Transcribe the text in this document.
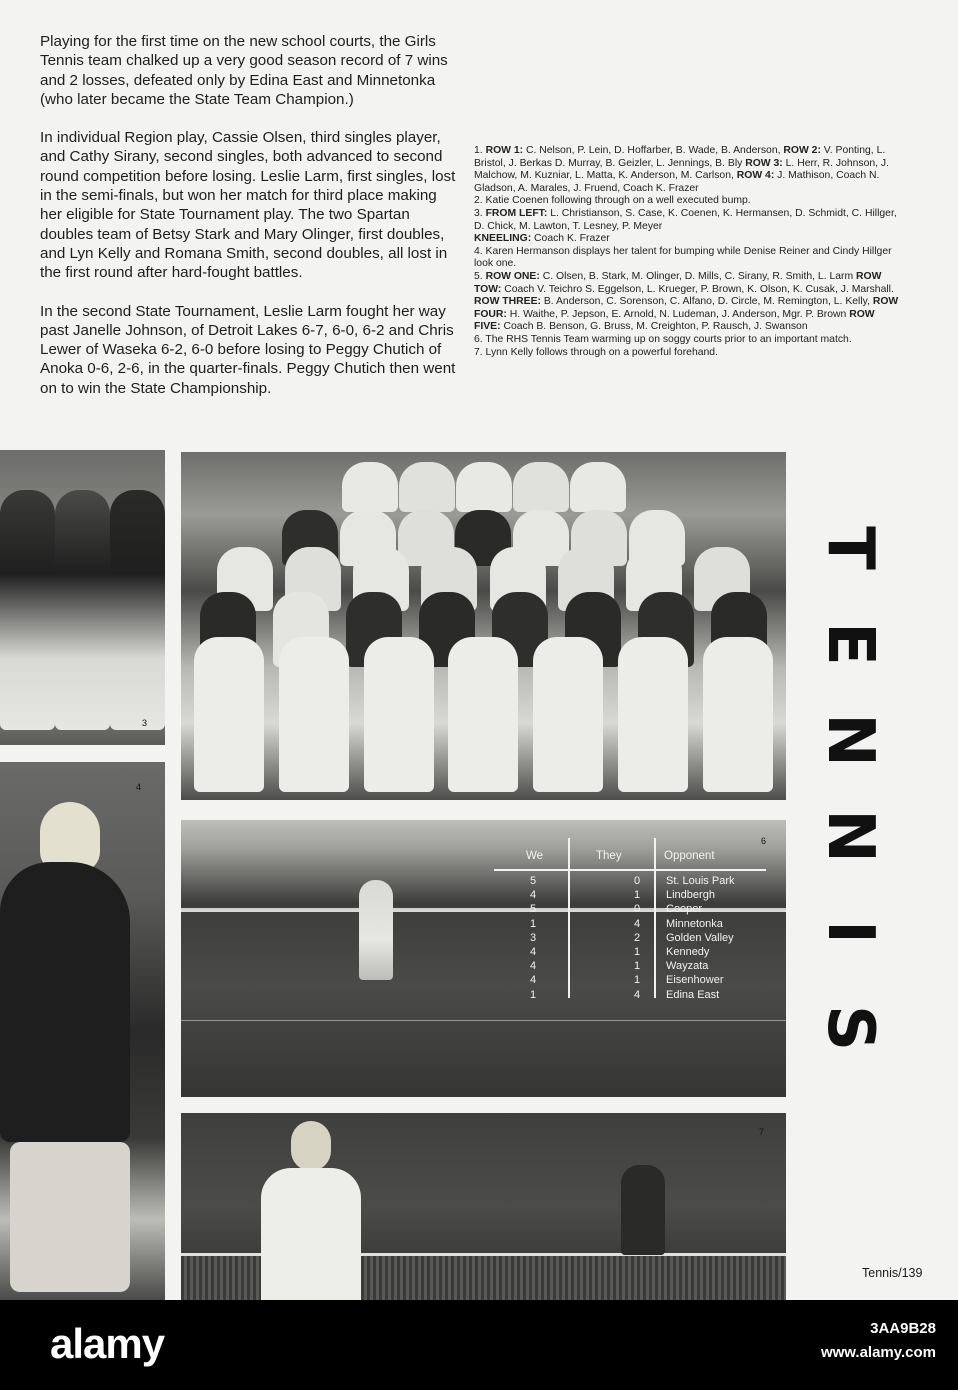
Playing for the first time on the new school courts, the Girls Tennis team chalked up a very good season record of 7 wins and 2 losses, defeated only by Edina East and Minnetonka (who later became the State Team Champion.)

In individual Region play, Cassie Olsen, third singles player, and Cathy Sirany, second singles, both advanced to second round competition before losing. Leslie Larm, first singles, lost in the semi-finals, but won her match for third place making her eligible for State Tournament play. The two Spartan doubles team of Betsy Stark and Mary Olinger, first doubles, and Lyn Kelly and Romana Smith, second doubles, all lost in the first round after hard-fought battles.

In the second State Tournament, Leslie Larm fought her way past Janelle Johnson, of Detroit Lakes 6-7, 6-0, 6-2 and Chris Lewer of Waseka 6-2, 6-0 before losing to Peggy Chutich of Anoka 0-6, 2-6, in the quarter-finals. Peggy Chutich then went on to win the State Championship.

1. ROW 1: C. Nelson, P. Lein, D. Hoffarber, B. Wade, B. Anderson, ROW 2: V. Ponting, L. Bristol, J. Berkas D. Murray, B. Geizler, L. Jennings, B. Bly ROW 3: L. Herr, R. Johnson, J. Malchow, M. Kuzniar, L. Matta, K. Anderson, M. Carlson, ROW 4: J. Mathison, Coach N. Gladson, A. Marales, J. Fruend, Coach K. Frazer
2. Katie Coenen following through on a well executed bump.
3. FROM LEFT: L. Christianson, S. Case, K. Coenen, K. Hermansen, D. Schmidt, C. Hillger, D. Chick, M. Lawton, T. Lesney, P. Meyer
KNEELING: Coach K. Frazer
4. Karen Hermanson displays her talent for bumping while Denise Reiner and Cindy Hillger look one.
5. ROW ONE: C. Olsen, B. Stark, M. Olinger, D. Mills, C. Sirany, R. Smith, L. Larm ROW TOW: Coach V. Teichro S. Eggelson, L. Krueger, P. Brown, K. Olson, K. Cusak, J. Marshall. ROW THREE: B. Anderson, C. Sorenson, C. Alfano, D. Circle, M. Remington, L. Kelly, ROW FOUR: H. Waithe, P. Jepson, E. Arnold, N. Ludeman, J. Anderson, Mgr. P. Brown ROW FIVE: Coach B. Benson, G. Bruss, M. Creighton, P. Rausch, J. Swanson
6. The RHS Tennis Team warming up on soggy courts prior to an important match.
7. Lynn Kelly follows through on a powerful forehand.
3
4
6
We	They	Opponent
5	0 St. Louis Park
4	1 Lindbergh
5	0 Cooper
1	4 Minnetonka
3	2 Golden Valley
4	1 Kennedy
4	1 Wayzata
4	1 Eisenhower
1	4 Edina East
7
T
E
N
N
I
S
Tennis/139
alamy	3AA9B28
www.alamy.com
